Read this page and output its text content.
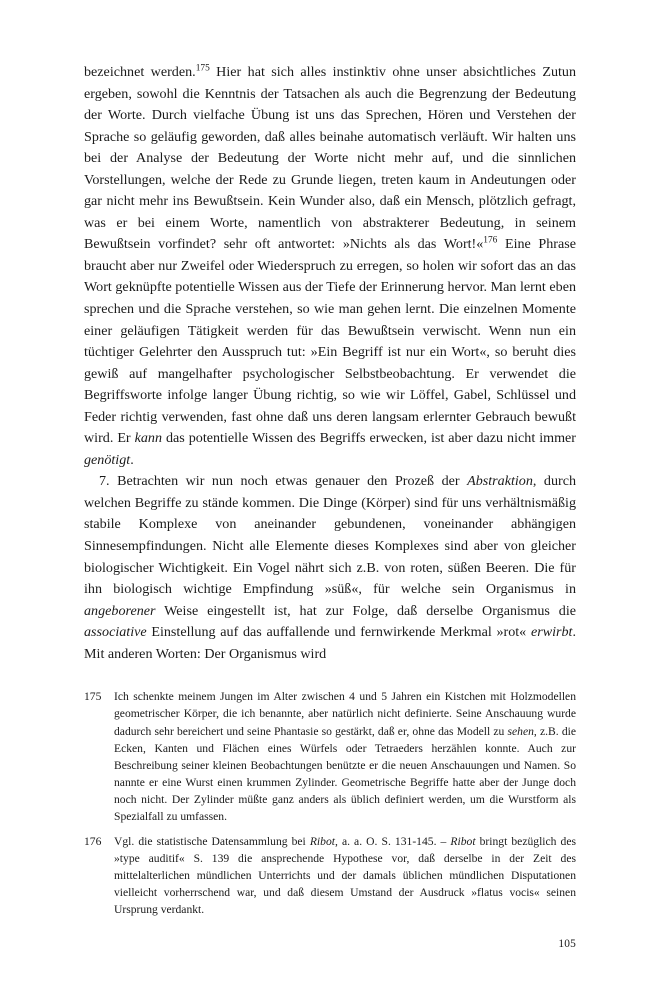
bezeichnet werden.$^{175}$ Hier hat sich alles instinktiv ohne unser absichtliches Zutun ergeben, sowohl die Kenntnis der Tatsachen als auch die Begrenzung der Bedeutung der Worte. Durch vielfache Übung ist uns das Sprechen, Hören und Verstehen der Sprache so geläufig geworden, daß alles beinahe automatisch verläuft. Wir halten uns bei der Analyse der Bedeutung der Worte nicht mehr auf, und die sinnlichen Vorstellungen, welche der Rede zu Grunde liegen, treten kaum in Andeutungen oder gar nicht mehr ins Bewußtsein. Kein Wunder also, daß ein Mensch, plötzlich gefragt, was er bei einem Worte, namentlich von abstrakterer Bedeutung, in seinem Bewußtsein vorfindet? sehr oft antwortet: »Nichts als das Wort!«$^{176}$ Eine Phrase braucht aber nur Zweifel oder Wiederspruch zu erregen, so holen wir sofort das an das Wort geknüpfte potentielle Wissen aus der Tiefe der Erinnerung hervor. Man lernt eben sprechen und die Sprache verstehen, so wie man gehen lernt. Die einzelnen Momente einer geläufigen Tätigkeit werden für das Bewußtsein verwischt. Wenn nun ein tüchtiger Gelehrter den Ausspruch tut: »Ein Begriff ist nur ein Wort«, so beruht dies gewiß auf mangelhafter psychologischer Selbstbeobachtung. Er verwendet die Begriffsworte infolge langer Übung richtig, so wie wir Löffel, Gabel, Schlüssel und Feder richtig verwenden, fast ohne daß uns deren langsam erlernter Gebrauch bewußt wird. Er kann das potentielle Wissen des Begriffs erwecken, ist aber dazu nicht immer genötigt.

7. Betrachten wir nun noch etwas genauer den Prozeß der Abstraktion, durch welchen Begriffe zu stände kommen. Die Dinge (Körper) sind für uns verhältnismäßig stabile Komplexe von aneinander gebundenen, voneinander abhängigen Sinnesempfindungen. Nicht alle Elemente dieses Komplexes sind aber von gleicher biologischer Wichtigkeit. Ein Vogel nährt sich z.B. von roten, süßen Beeren. Die für ihn biologisch wichtige Empfindung »süß«, für welche sein Organismus in angeborener Weise eingestellt ist, hat zur Folge, daß derselbe Organismus die associative Einstellung auf das auffallende und fernwirkende Merkmal »rot« erwirbt. Mit anderen Worten: Der Organismus wird

175	Ich schenkte meinem Jungen im Alter zwischen 4 und 5 Jahren ein Kistchen mit Holzmodellen geometrischer Körper, die ich benannte, aber natürlich nicht definierte. Seine Anschauung wurde dadurch sehr bereichert und seine Phantasie so gestärkt, daß er, ohne das Modell zu sehen, z.B. die Ecken, Kanten und Flächen eines Würfels oder Tetraeders herzählen konnte. Auch zur Beschreibung seiner kleinen Beobachtungen benützte er die neuen Anschauungen und Namen. So nannte er eine Wurst einen krummen Zylinder. Geometrische Begriffe hatte aber der Junge doch noch nicht. Der Zylinder müßte ganz anders als üblich definiert werden, um die Wurstform als Spezialfall zu umfassen.
176	Vgl. die statistische Datensammlung bei Ribot, a. a. O. S. 131-145. – Ribot bringt bezüglich des »type auditif« S. 139 die ansprechende Hypothese vor, daß derselbe in der Zeit des mittelalterlichen mündlichen Unterrichts und der damals üblichen mündlichen Disputationen vielleicht vorherrschend war, und daß diesem Umstand der Ausdruck »flatus vocis« seinen Ursprung verdankt.
105
